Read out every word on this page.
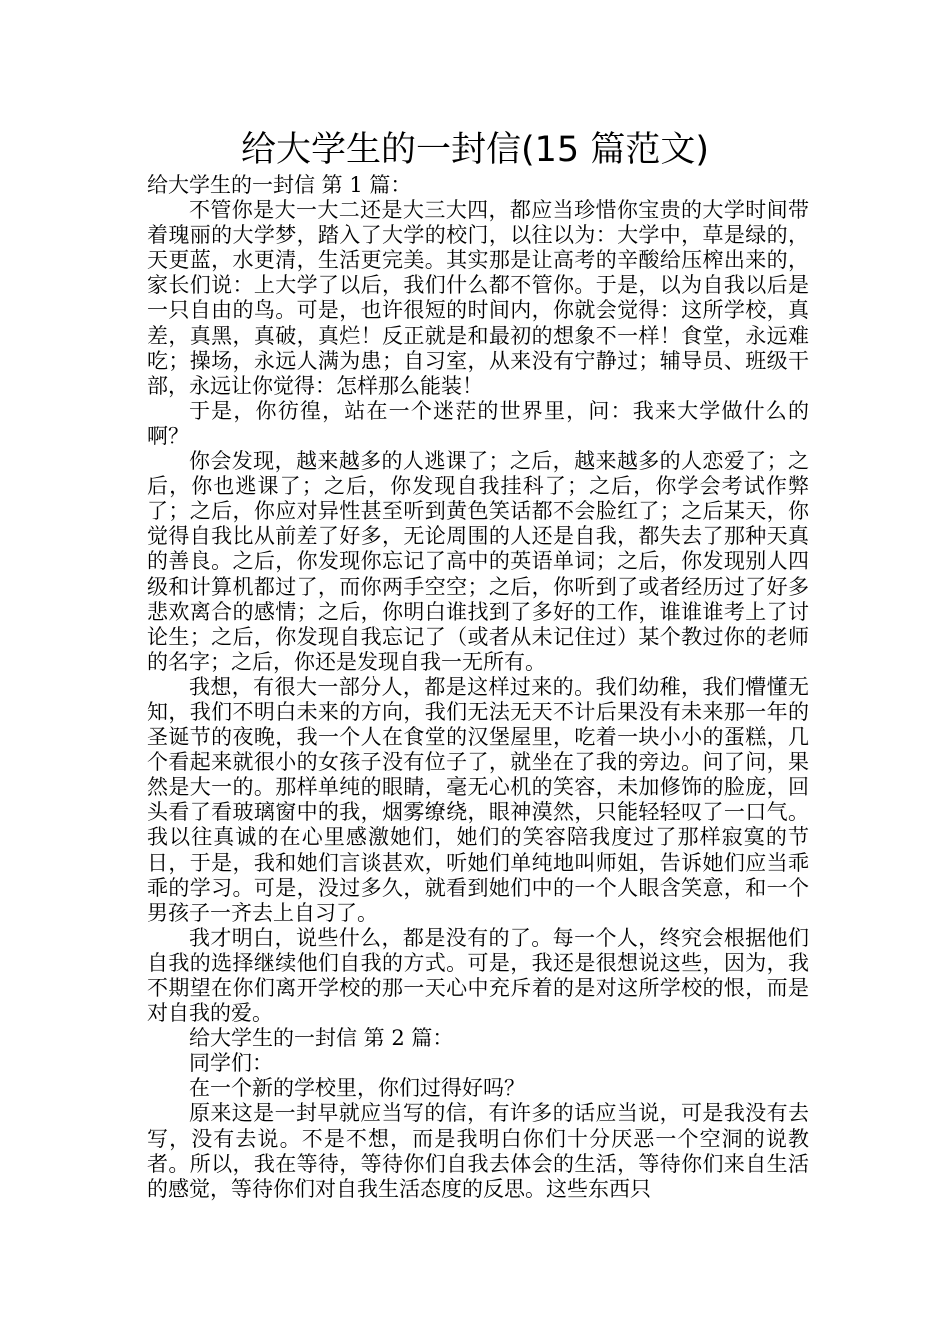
给大学生的一封信(15 篇范文)

给大学生的一封信 第 1 篇：

不管你是大一大二还是大三大四，都应当珍惜你宝贵的大学时间带着瑰丽的大学梦，踏入了大学的校门，以往以为：大学中，草是绿的，天更蓝，水更清，生活更完美。其实那是让高考的辛酸给压榨出来的，家长们说：上大学了以后，我们什么都不管你。于是，以为自我以后是一只自由的鸟。可是，也许很短的时间内，你就会觉得：这所学校，真差，真黑，真破，真烂！反正就是和最初的想象不一样！食堂，永远难吃；操场，永远人满为患；自习室，从来没有宁静过；辅导员、班级干部，永远让你觉得：怎样那么能装！

于是，你彷徨，站在一个迷茫的世界里，问：我来大学做什么的啊？

你会发现，越来越多的人逃课了；之后，越来越多的人恋爱了；之后，你也逃课了；之后，你发现自我挂科了；之后，你学会考试作弊了；之后，你应对异性甚至听到黄色笑话都不会脸红了；之后某天，你觉得自我比从前差了好多，无论周围的人还是自我，都失去了那种天真的善良。之后，你发现你忘记了高中的英语单词；之后，你发现别人四级和计算机都过了，而你两手空空；之后，你听到了或者经历过了好多悲欢离合的感情；之后，你明白谁找到了多好的工作，谁谁谁考上了讨论生；之后，你发现自我忘记了（或者从未记住过）某个教过你的老师的名字；之后，你还是发现自我一无所有。

我想，有很大一部分人，都是这样过来的。我们幼稚，我们懵懂无知，我们不明白未来的方向，我们无法无天不计后果没有未来那一年的圣诞节的夜晚，我一个人在食堂的汉堡屋里，吃着一块小小的蛋糕，几个看起来就很小的女孩子没有位子了，就坐在了我的旁边。问了问，果然是大一的。那样单纯的眼睛，毫无心机的笑容，未加修饰的脸庞，回头看了看玻璃窗中的我，烟雾缭绕，眼神漠然，只能轻轻叹了一口气。我以往真诚的在心里感激她们，她们的笑容陪我度过了那样寂寞的节日，于是，我和她们言谈甚欢，听她们单纯地叫师姐，告诉她们应当乖乖的学习。可是，没过多久，就看到她们中的一个人眼含笑意，和一个男孩子一齐去上自习了。

我才明白，说些什么，都是没有的了。每一个人，终究会根据他们自我的选择继续他们自我的方式。可是，我还是很想说这些，因为，我不期望在你们离开学校的那一天心中充斥着的是对这所学校的恨，而是对自我的爱。

给大学生的一封信 第 2 篇：

同学们：

在一个新的学校里，你们过得好吗？

原来这是一封早就应当写的信，有许多的话应当说，可是我没有去写，没有去说。不是不想，而是我明白你们十分厌恶一个空洞的说教者。所以，我在等待，等待你们自我去体会的生活，等待你们来自生活的感觉，等待你们对自我生活态度的反思。这些东西只
